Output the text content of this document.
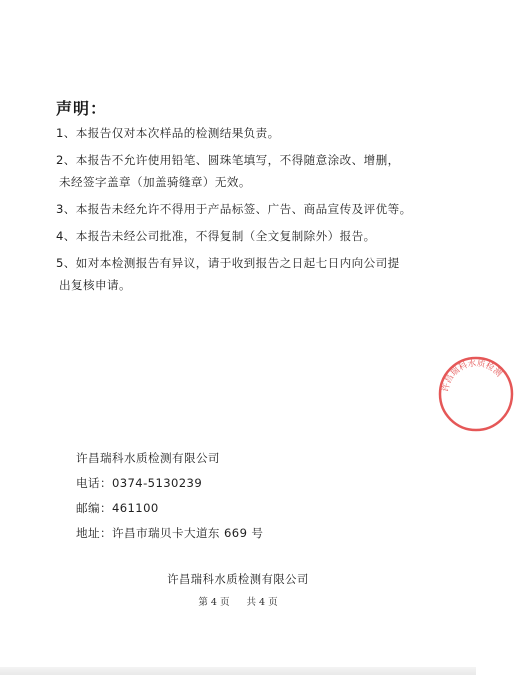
声明：
1、本报告仅对本次样品的检测结果负责。
2、本报告不允许使用铅笔、圆珠笔填写，不得随意涂改、增删，
未经签字盖章（加盖骑缝章）无效。
3、本报告未经允许不得用于产品标签、广告、商品宣传及评优等。
4、本报告未经公司批准，不得复制（全文复制除外）报告。
5、如对本检测报告有异议，请于收到报告之日起七日内向公司提
出复核申请。
许昌瑞科水质检测有限公司
电话：0374-5130239
邮编：461100
地址：许昌市瑞贝卡大道东 669 号
许昌瑞科水质检测有限公司
第 4 页 共 4 页
许昌瑞科水质检测
